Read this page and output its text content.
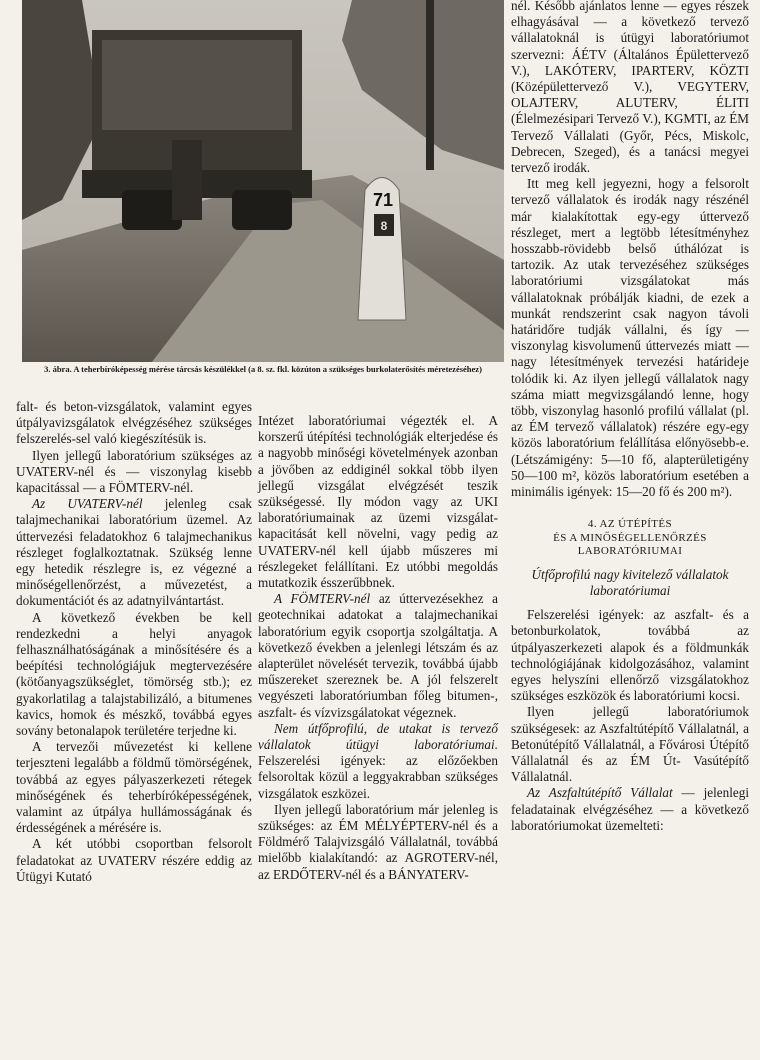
71
8
3. ábra. A teherbíróképesség mérése tárcsás készülékkel (a 8. sz. fkl. közúton a szükséges burkolaterősítés méretezéséhez)

falt- és beton-vizsgálatok, valamint egyes útpályavizsgálatok elvégzéséhez szükséges felszerelés-sel való kiegészítésük is.

Ilyen jellegű laboratórium szükséges az UVATERV-nél és — viszonylag kisebb kapacitással — a FÖMTERV-nél.

Az UVATERV-nél jelenleg csak talajmechanikai laboratórium üzemel. Az úttervezési feladatokhoz 6 talajmechanikus részleget foglalkoztatnak. Szükség lenne egy hetedik részlegre is, ez végezné a minőségellenőrzést, a művezetést, a dokumentációt és az adatnyilvántartást.

A következő években be kell rendezkedni a helyi anyagok felhasználhatóságának a minősítésére és a beépítési technológiájuk megtervezésére (kötőanyagszükséglet, tömörség stb.); ez gyakorlatilag a talajstabilizáló, a bitumenes kavics, homok és mészkő, továbbá egyes sovány betonalapok területére terjedne ki.

A tervezői művezetést ki kellene terjeszteni legalább a földmű tömörségének, továbbá az egyes pályaszerkezeti rétegek minőségének és teherbíróképességének, valamint az útpálya hullámosságának és érdességének a mérésére is.

A két utóbbi csoportban felsorolt feladatokat az UVATERV részére eddig az Útügyi Kutató

Intézet laboratóriumai végezték el. A korszerű útépítési technológiák elterjedése és a nagyobb minőségi követelmények azonban a jövőben az eddiginél sokkal több ilyen jellegű vizsgálat elvégzését teszik szükségessé. Ily módon vagy az UKI laboratóriumainak az üzemi vizsgálat-kapacitását kell növelni, vagy pedig az UVATERV-nél kell újabb műszeres mi részlegeket felállítani. Ez utóbbi megoldás mutatkozik ésszerűbbnek.

A FÖMTERV-nél az úttervezésekhez a geotechnikai adatokat a talajmechanikai laboratórium egyik csoportja szolgáltatja. A következő években a jelenlegi létszám és az alapterület növelését tervezik, továbbá újabb műszereket szereznek be. A jól felszerelt vegyészeti laboratóriumban főleg bitumen-, aszfalt- és vízvizsgálatokat végeznek.

Nem útfőprofilú, de utakat is tervező vállalatok útügyi laboratóriumai. Felszerelési igények: az előzőekben felsoroltak közül a leggyakrabban szükséges vizsgálatok eszközei.

Ilyen jellegű laboratórium már jelenleg is szükséges: az ÉM MÉLYÉPTERV-nél és a Földmérő Talajvizsgáló Vállalatnál, továbbá mielőbb kialakítandó: az AGROTERV-nél, az ERDŐTERV-nél és a BÁNYATERV-

nél. Később ajánlatos lenne — egyes részek elhagyásával — a következő tervező vállalatoknál is útügyi laboratóriumot szervezni: ÁÉTV (Általános Épülettervező V.), LAKÓTERV, IPARTERV, KÖZTI (Középülettervező V.), VEGYTERV, OLAJTERV, ALUTERV, ÉLITI (Élelmezésipari Tervező V.), KGMTI, az ÉM Tervező Vállalati (Győr, Pécs, Miskolc, Debrecen, Szeged), és a tanácsi megyei tervező irodák.

Itt meg kell jegyezni, hogy a felsorolt tervező vállalatok és irodák nagy részénél már kialakítottak egy-egy úttervező részleget, mert a legtöbb létesítményhez hosszabb-rövidebb belső úthálózat is tartozik. Az utak tervezéséhez szükséges laboratóriumi vizsgálatokat más vállalatoknak próbálják kiadni, de ezek a munkát rendszerint csak nagyon távoli határidőre tudják vállalni, és így — viszonylag kisvolumenű úttervezés miatt — nagy létesítmények tervezési határideje tolódik ki. Az ilyen jellegű vállalatok nagy száma miatt megvizsgálandó lenne, hogy több, viszonylag hasonló profilú vállalat (pl. az ÉM tervező vállalatok) részére egy-egy közös laboratórium felállítása előnyösebb-e. (Létszámigény: 5—10 fő, alapterületigény 50—100 m², közös laboratórium esetében a minimális igények: 15—20 fő és 200 m²).

4. AZ ÚTÉPÍTÉS
ÉS A MINŐSÉGELLENŐRZÉS
LABORATÓRIUMAI

Útfőprofilú nagy kivitelező vállalatok laboratóriumai

Felszerelési igények: az aszfalt- és a betonburkolatok, továbbá az útpályaszerkezeti alapok és a földmunkák technológiájának kidolgozásához, valamint egyes helyszíni ellenőrző vizsgálatokhoz szükséges eszközök és laboratóriumi kocsi.

Ilyen jellegű laboratóriumok szükségesek: az Aszfaltútépítő Vállalatnál, a Betonútépítő Vállalatnál, a Fővárosi Útépítő Vállalatnál és az ÉM Út- Vasútépítő Vállalatnál.

Az Aszfaltútépítő Vállalat — jelenlegi feladatainak elvégzéséhez — a következő laboratóriumokat üzemelteti:
